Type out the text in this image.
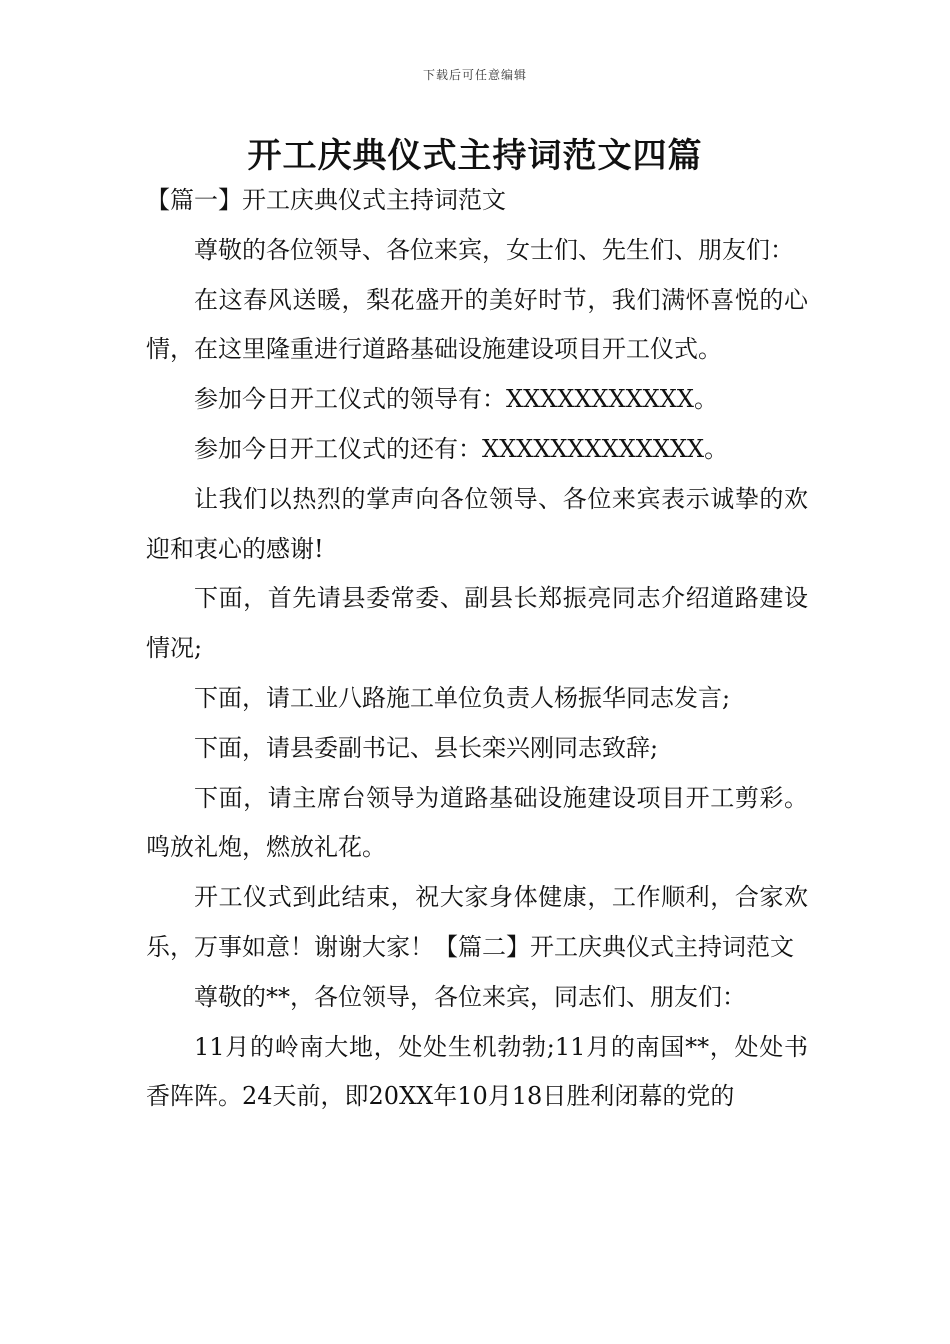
下载后可任意编辑
开工庆典仪式主持词范文四篇

【篇一】开工庆典仪式主持词范文

尊敬的各位领导、各位来宾，女士们、先生们、朋友们：

在这春风送暖，梨花盛开的美好时节，我们满怀喜悦的心情，在这里隆重进行道路基础设施建设项目开工仪式。

参加今日开工仪式的领导有：XXXXXXXXXXX。

参加今日开工仪式的还有：XXXXXXXXXXXXX。

让我们以热烈的掌声向各位领导、各位来宾表示诚挚的欢迎和衷心的感谢!

下面，首先请县委常委、副县长郑振亮同志介绍道路建设情况;

下面，请工业八路施工单位负责人杨振华同志发言;

下面，请县委副书记、县长栾兴刚同志致辞;

下面，请主席台领导为道路基础设施建设项目开工剪彩。鸣放礼炮，燃放礼花。

开工仪式到此结束，祝大家身体健康，工作顺利，合家欢乐，万事如意！谢谢大家！【篇二】开工庆典仪式主持词范文

尊敬的**，各位领导，各位来宾，同志们、朋友们：

11月的岭南大地，处处生机勃勃;11月的南国**，处处书香阵阵。24天前，即20XX年10月18日胜利闭幕的党的
